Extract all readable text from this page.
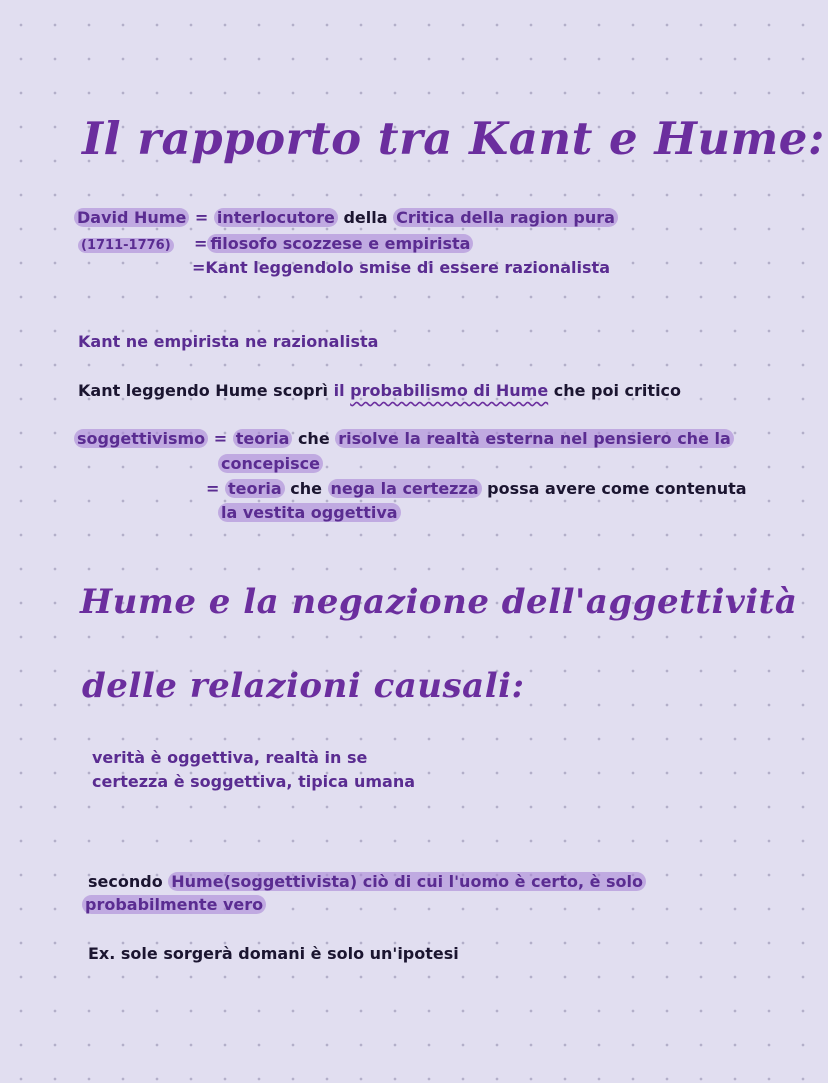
Il rapporto tra Kant e Hume:

David Hume = interlocutore della Critica della ragion pura

(1711-1776) = filosofo scozzese e empirista

=Kant leggendolo smise di essere razionalista

Kant ne empirista ne razionalista

Kant leggendo Hume scoprì il probabilismo di Hume che poi critico

soggettivismo = teoria che risolve la realtà esterna nel pensiero che la

concepisce

= teoria che nega la certezza possa avere come contenuta

la vestita oggettiva

Hume e la negazione dell'aggettività
delle relazioni causali:

verità è oggettiva, realtà in se

certezza è soggettiva, tipica umana

secondo Hume(soggettivista) ciò di cui l'uomo è certo, è solo

probabilmente vero

Ex. sole sorgerà domani è solo un'ipotesi
